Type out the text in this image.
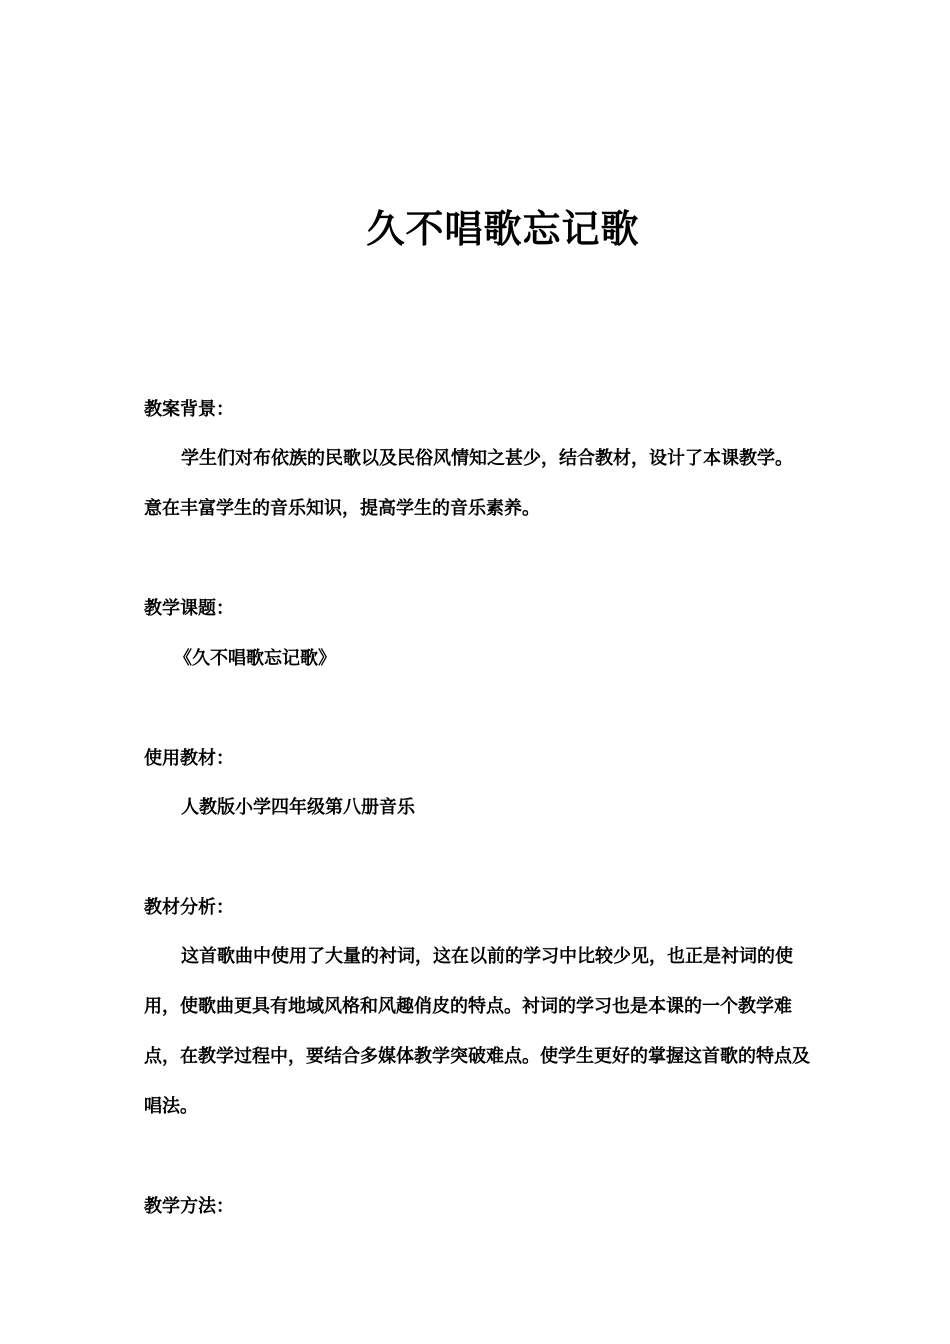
久不唱歌忘记歌

教案背景：

学生们对布依族的民歌以及民俗风情知之甚少，结合教材，设计了本课教学。意在丰富学生的音乐知识，提高学生的音乐素养。

教学课题：

《久不唱歌忘记歌》

使用教材：

人教版小学四年级第八册音乐

教材分析：

这首歌曲中使用了大量的衬词，这在以前的学习中比较少见，也正是衬词的使用，使歌曲更具有地域风格和风趣俏皮的特点。衬词的学习也是本课的一个教学难点，在教学过程中，要结合多媒体教学突破难点。使学生更好的掌握这首歌的特点及唱法。

教学方法：
